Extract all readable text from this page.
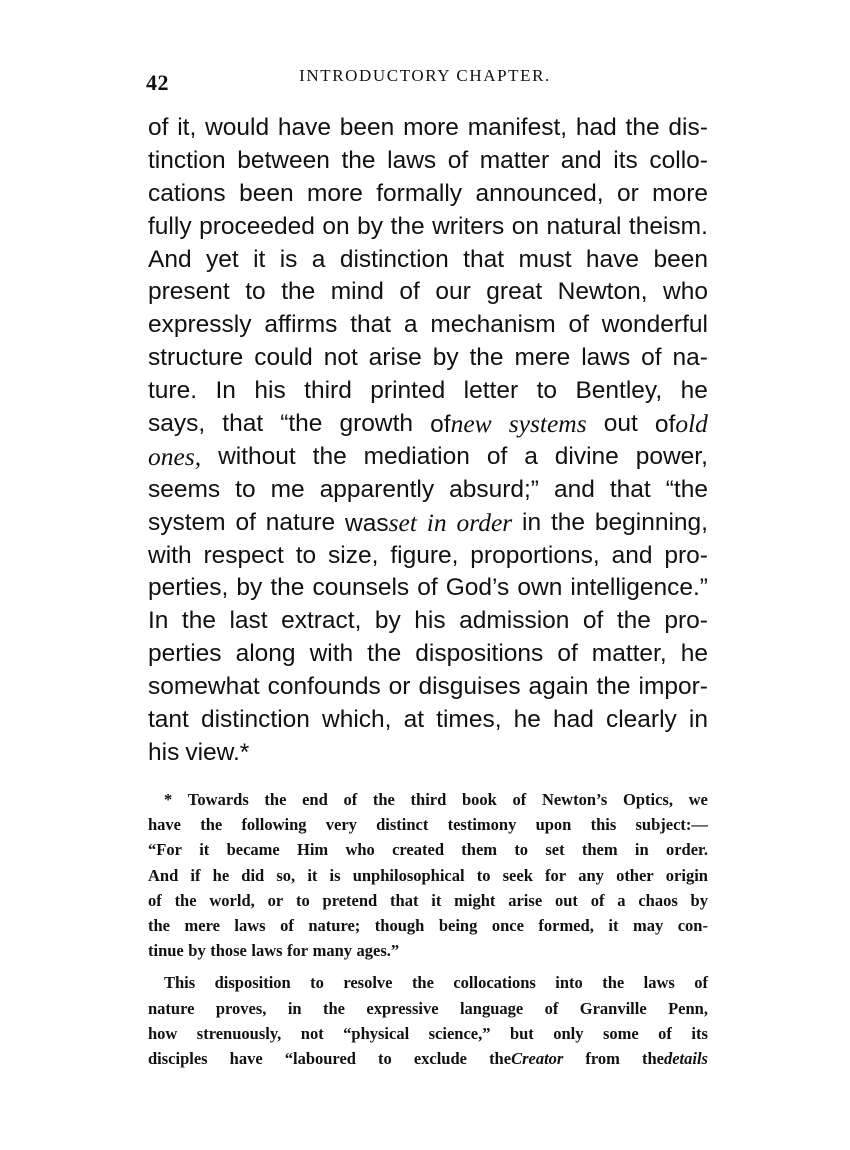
42	INTRODUCTORY CHAPTER.
of it, would have been more manifest, had the dis-
tinction between the laws of matter and its collo-
cations been more formally announced, or more
fully proceeded on by the writers on natural theism.
And yet it is a distinction that must have been
present to the mind of our great Newton, who
expressly affirms that a mechanism of wonderful
structure could not arise by the mere laws of na-
ture. In his third printed letter to Bentley, he
says, that “the growth ofnew systems out ofold
ones, without the mediation of a divine power,
seems to me apparently absurd;” and that “the
system of nature wasset in order in the beginning,
with respect to size, figure, proportions, and pro-
perties, by the counsels of God’s own intelligence.”
In the last extract, by his admission of the pro-
perties along with the dispositions of matter, he
somewhat confounds or disguises again the impor-
tant distinction which, at times, he had clearly in
his view.*
* Towards the end of the third book of Newton’s Optics, we
have the following very distinct testimony upon this subject:—
“For it became Him who created them to set them in order.
And if he did so, it is unphilosophical to seek for any other origin
of the world, or to pretend that it might arise out of a chaos by
the mere laws of nature; though being once formed, it may con-
tinue by those laws for many ages.”
This disposition to resolve the collocations into the laws of
nature proves, in the expressive language of Granville Penn,
how strenuously, not “physical science,” but only some of its
disciples have “laboured to exclude theCreator from thedetails
